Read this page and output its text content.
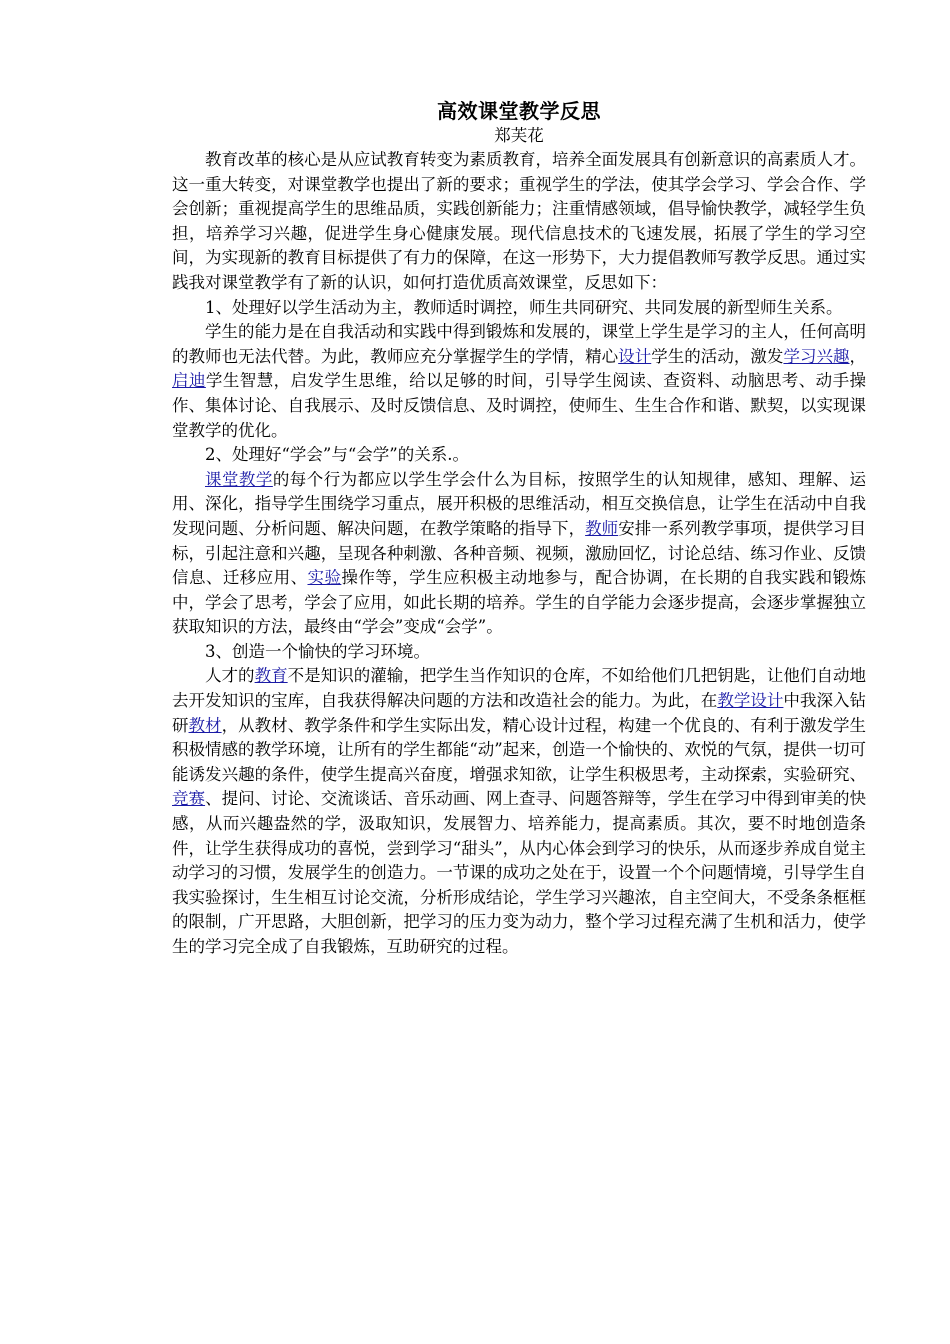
高效课堂教学反思
郑芙花

教育改革的核心是从应试教育转变为素质教育，培养全面发展具有创新意识的高素质人才。这一重大转变，对课堂教学也提出了新的要求；重视学生的学法，使其学会学习、学会合作、学会创新；重视提高学生的思维品质，实践创新能力；注重情感领域，倡导愉快教学，减轻学生负担，培养学习兴趣，促进学生身心健康发展。现代信息技术的飞速发展，拓展了学生的学习空间，为实现新的教育目标提供了有力的保障，在这一形势下，大力提倡教师写教学反思。通过实践我对课堂教学有了新的认识，如何打造优质高效课堂，反思如下：

1、处理好以学生活动为主，教师适时调控，师生共同研究、共同发展的新型师生关系。

学生的能力是在自我活动和实践中得到锻炼和发展的，课堂上学生是学习的主人，任何高明的教师也无法代替。为此，教师应充分掌握学生的学情，精心设计学生的活动，激发学习兴趣，启迪学生智慧，启发学生思维，给以足够的时间，引导学生阅读、查资料、动脑思考、动手操作、集体讨论、自我展示、及时反馈信息、及时调控，使师生、生生合作和谐、默契，以实现课堂教学的优化。

2、处理好“学会”与“会学”的关系.。

课堂教学的每个行为都应以学生学会什么为目标，按照学生的认知规律，感知、理解、运用、深化，指导学生围绕学习重点，展开积极的思维活动，相互交换信息，让学生在活动中自我发现问题、分析问题、解决问题，在教学策略的指导下，教师安排一系列教学事项，提供学习目标，引起注意和兴趣，呈现各种刺激、各种音频、视频，激励回忆，讨论总结、练习作业、反馈信息、迁移应用、实验操作等，学生应积极主动地参与，配合协调，在长期的自我实践和锻炼中，学会了思考，学会了应用，如此长期的培养。学生的自学能力会逐步提高，会逐步掌握独立获取知识的方法，最终由“学会”变成“会学”。

3、创造一个愉快的学习环境。

人才的教育不是知识的灌输，把学生当作知识的仓库，不如给他们几把钥匙，让他们自动地去开发知识的宝库，自我获得解决问题的方法和改造社会的能力。为此，在教学设计中我深入钻研教材，从教材、教学条件和学生实际出发，精心设计过程，构建一个优良的、有利于激发学生积极情感的教学环境，让所有的学生都能“动”起来，创造一个愉快的、欢悦的气氛，提供一切可能诱发兴趣的条件，使学生提高兴奋度，增强求知欲，让学生积极思考，主动探索，实验研究、竞赛、提问、讨论、交流谈话、音乐动画、网上查寻、问题答辩等，学生在学习中得到审美的快感，从而兴趣盎然的学，汲取知识，发展智力、培养能力，提高素质。其次，要不时地创造条件，让学生获得成功的喜悦，尝到学习“甜头”，从内心体会到学习的快乐，从而逐步养成自觉主动学习的习惯，发展学生的创造力。一节课的成功之处在于，设置一个个问题情境，引导学生自我实验探讨，生生相互讨论交流，分析形成结论，学生学习兴趣浓，自主空间大，不受条条框框的限制，广开思路，大胆创新，把学习的压力变为动力，整个学习过程充满了生机和活力，使学生的学习完全成了自我锻炼，互助研究的过程。
